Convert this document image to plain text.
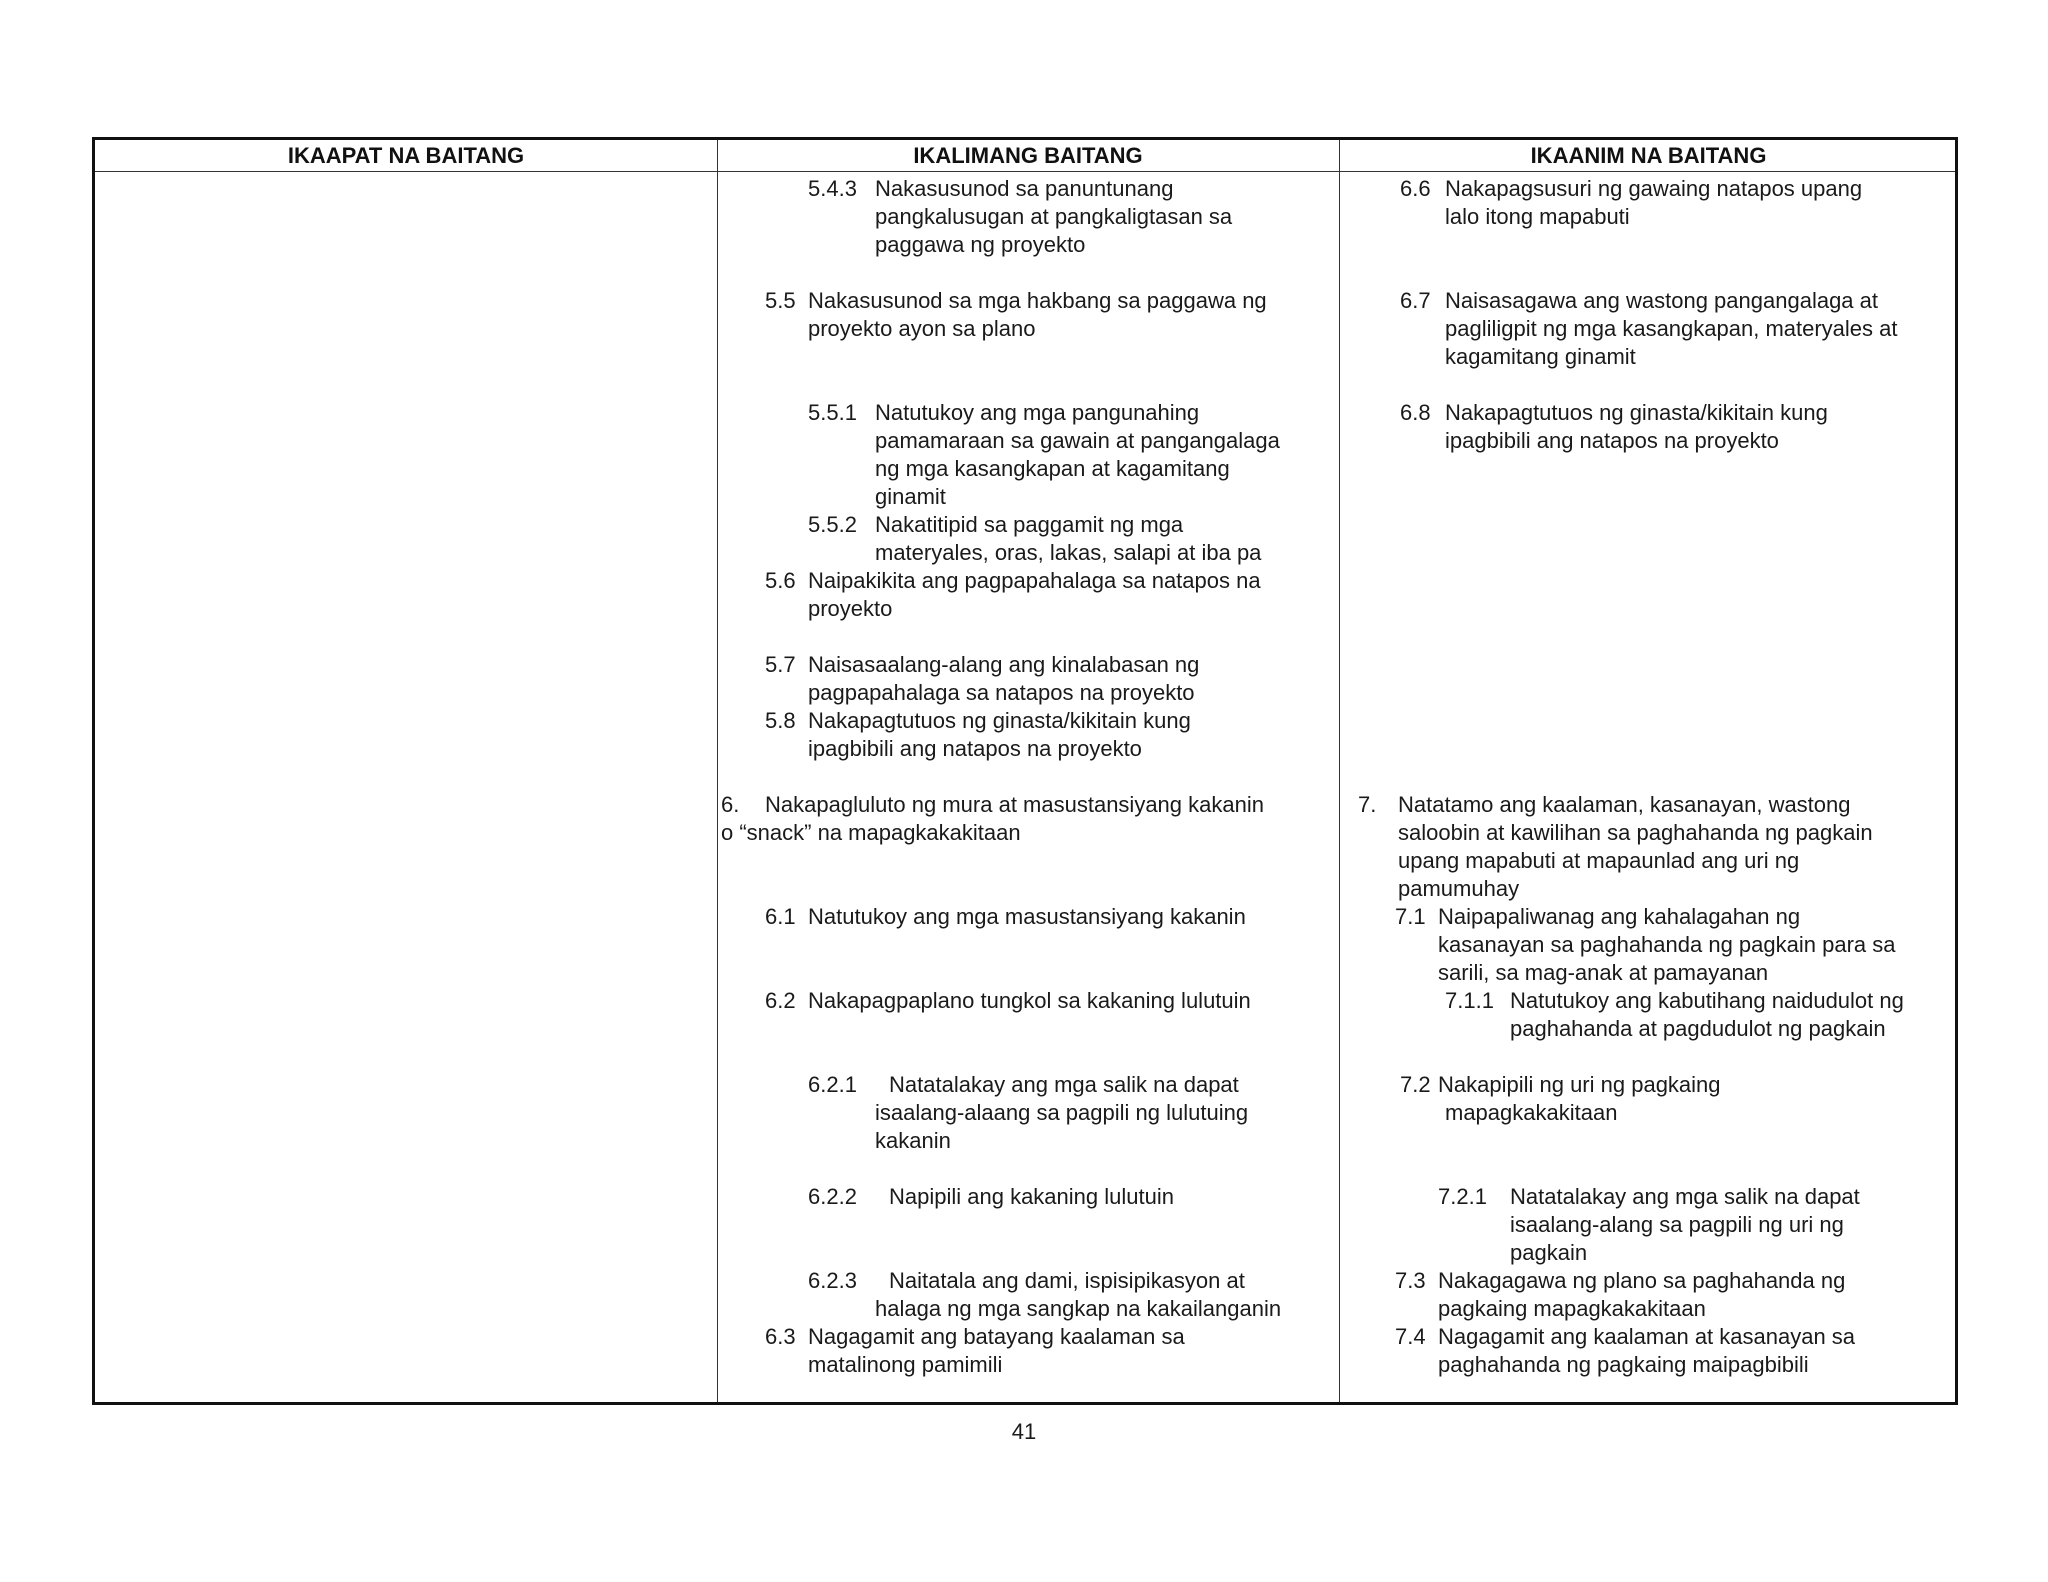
IKAAPAT NA BAITANG	IKALIMANG BAITANG	IKAANIM NA BAITANG
5.4.3 Nakasusunod sa panuntunang
pangkalusugan at pangkaligtasan sa
paggawa ng proyekto
5.5 Nakasusunod sa mga hakbang sa paggawa ng
proyekto ayon sa plano
5.5.1 Natutukoy ang mga pangunahing
pamamaraan sa gawain at pangangalaga
ng mga kasangkapan at kagamitang
ginamit
5.5.2 Nakatitipid sa paggamit ng mga
materyales, oras, lakas, salapi at iba pa
5.6 Naipakikita ang pagpapahalaga sa natapos na
proyekto
5.7 Naisasaalang-alang ang kinalabasan ng
pagpapahalaga sa natapos na proyekto
5.8 Nakapagtutuos ng ginasta/kikitain kung
ipagbibili ang natapos na proyekto
6. Nakapagluluto ng mura at masustansiyang kakanin
o “snack” na mapagkakakitaan
6.1 Natutukoy ang mga masustansiyang kakanin
6.2 Nakapagpaplano tungkol sa kakaning lulutuin
6.2.1 Natatalakay ang mga salik na dapat
isaalang-alaang sa pagpili ng lulutuing
kakanin
6.2.2 Napipili ang kakaning lulutuin
6.2.3 Naitatala ang dami, ispisipikasyon at
halaga ng mga sangkap na kakailanganin
6.3 Nagagamit ang batayang kaalaman sa
matalinong pamimili
6.6 Nakapagsusuri ng gawaing natapos upang
lalo itong mapabuti
6.7 Naisasagawa ang wastong pangangalaga at
pagliligpit ng mga kasangkapan, materyales at
kagamitang ginamit
6.8 Nakapagtutuos ng ginasta/kikitain kung
ipagbibili ang natapos na proyekto
7. Natatamo ang kaalaman, kasanayan, wastong
saloobin at kawilihan sa paghahanda ng pagkain
upang mapabuti at mapaunlad ang uri ng
pamumuhay
7.1 Naipapaliwanag ang kahalagahan ng
kasanayan sa paghahanda ng pagkain para sa
sarili, sa mag-anak at pamayanan
7.1.1 Natutukoy ang kabutihang naidudulot ng
paghahanda at pagdudulot ng pagkain
7.2 Nakapipili ng uri ng pagkaing
mapagkakakitaan
7.2.1 Natatalakay ang mga salik na dapat
isaalang-alang sa pagpili ng uri ng
pagkain
7.3 Nakagagawa ng plano sa paghahanda ng
pagkaing mapagkakakitaan
7.4 Nagagamit ang kaalaman at kasanayan sa
paghahanda ng pagkaing maipagbibili
41
